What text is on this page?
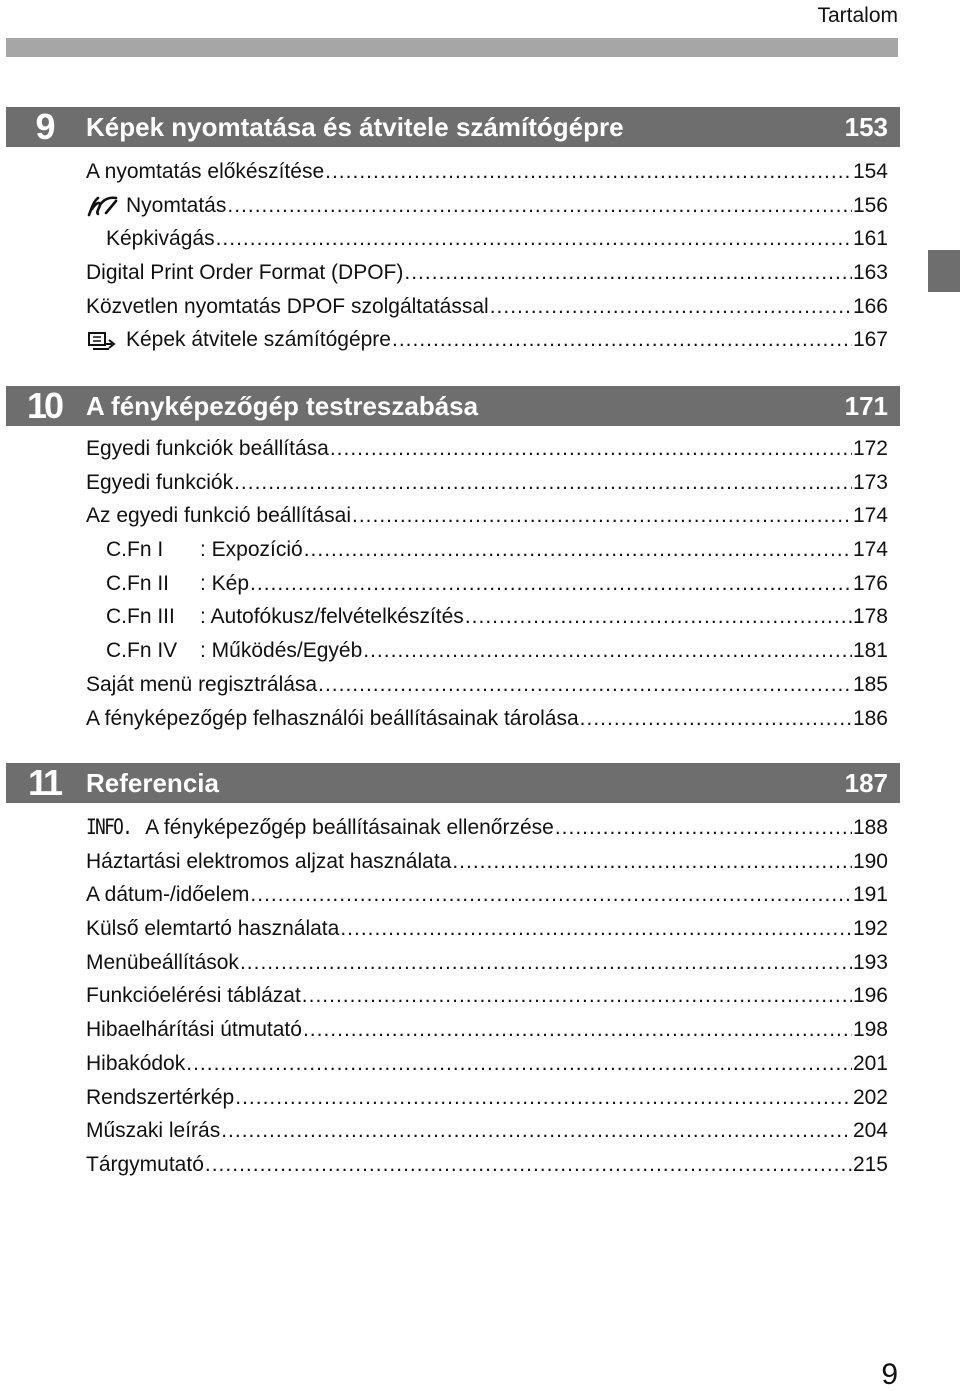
Tartalom
9	Képek nyomtatása és átvitele számítógépre	153
A nyomtatás előkészítése .....	154
Nyomtatás .....	156
Képkivágás .....	161
Digital Print Order Format (DPOF) .....	163
Közvetlen nyomtatás DPOF szolgáltatással .....	166
Képek átvitele számítógépre .....	167
10 A fényképezőgép testreszabása	171
Egyedi funkciók beállítása .....	172
Egyedi funkciók .....	173
Az egyedi funkció beállításai .....	174
C.Fn I : Expozíció .....	174
C.Fn II : Kép .....	176
C.Fn III : Autofókusz/felvételkészítés .....	178
C.Fn IV : Működés/Egyéb .....	181
Saját menü regisztrálása .....	185
A fényképezőgép felhasználói beállításainak tárolása .....	186
11 Referencia	187
INFO. A fényképezőgép beállításainak ellenőrzése .....	188
Háztartási elektromos aljzat használata .....	190
A dátum-/időelem .....	191
Külső elemtartó használata .....	192
Menübeállítások .....	193
Funkcióelérési táblázat .....	196
Hibaelhárítási útmutató .....	198
Hibakódok .....	201
Rendszertérkép .....	202
Műszaki leírás .....	204
Tárgymutató .....	215
9
